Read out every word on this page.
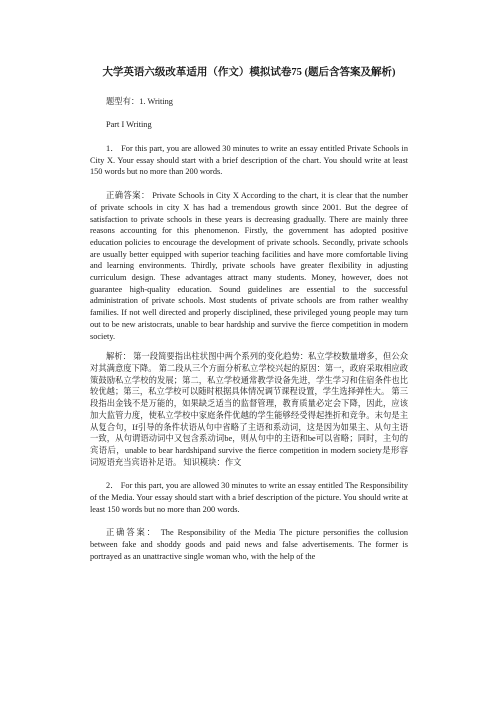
大学英语六级改革适用（作文）模拟试卷75 (题后含答案及解析)

题型有：1. Writing

Part I Writing

1． For this part, you are allowed 30 minutes to write an essay entitled Private Schools in City X. Your essay should start with a brief description of the chart. You should write at least 150 words but no more than 200 words.

正确答案： Private Schools in City X According to the chart, it is clear that the number of private schools in city X has had a tremendous growth since 2001. But the degree of satisfaction to private schools in these years is decreasing gradually. There are mainly three reasons accounting for this phenomenon. Firstly, the government has adopted positive education policies to encourage the development of private schools. Secondly, private schools are usually better equipped with superior teaching facilities and have more comfortable living and learning environments. Thirdly, private schools have greater flexibility in adjusting curriculum design. These advantages attract many students. Money, however, does not guarantee high-quality education. Sound guidelines are essential to the successful administration of private schools. Most students of private schools are from rather wealthy families. If not well directed and properly disciplined, these privileged young people may turn out to be new aristocrats, unable to bear hardship and survive the fierce competition in modern society.

解析： 第一段简要指出柱状图中两个系列的变化趋势：私立学校数量增多，但公众对其满意度下降。 第二段从三个方面分析私立学校兴起的原因：第一，政府采取相应政策鼓励私立学校的发展；第二，私立学校通常教学设备先进，学生学习和住宿条件也比较优越；第三，私立学校可以随时根据具体情况调节课程设置，学生选择弹性大。 第三段指出金钱不是万能的，如果缺乏适当的监督管理，教育质量必定会下降，因此，应该加大监管力度，使私立学校中家庭条件优越的学生能够经受得起挫折和竞争。末句是主从复合句，If引导的条件状语从句中省略了主语和系动词，这是因为如果主、从句主语一致，从句谓语动词中又包含系动词be，则从句中的主语和be可以省略；同时，主句的宾语后，unable to bear hardshipand survive the fierce competition in modern society是形容词短语充当宾语补足语。 知识模块：作文

2． For this part, you are allowed 30 minutes to write an essay entitled The Responsibility of the Media. Your essay should start with a brief description of the picture. You should write at least 150 words but no more than 200 words.

正确答案： The Responsibility of the Media The picture personifies the collusion between fake and shoddy goods and paid news and false advertisements. The former is portrayed as an unattractive single woman who, with the help of the
